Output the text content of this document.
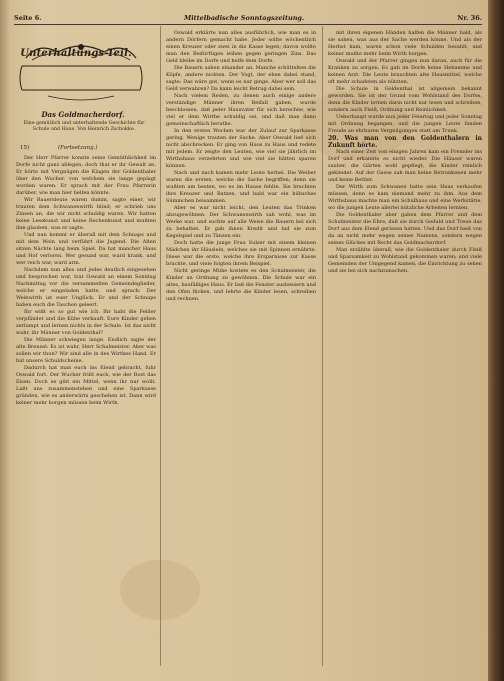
Seite 6.	Mittelbadische Sonntagszeitung.	Nr. 36.
Unterhaltungs-Teil.
Das Goldmacherdorf.
Eine gemütlich und unterhaltende Geschichte für Schule und Haus. Von Heinrich Zschokke.
15)	(Fortsetzung.)

Der Herr Pfarrer konnte seine Gemüthlichkeit im Dorfe nicht ganz ablegen; doch that er ihr Gewalt an. Er hörte mit Vergnügen die Klagen der Goldenthaler über den Wucher, von welchem sie lange geplagt worden waren. Er sprach mit der Frau Pfarrerin darüber, wie man hier helfen könnte.

Wir Bauersleute waren dumm, sagte einer, wir trauten dem Schwanenwirth blind; er schrieb uns Zinsen an, die wir nicht schuldig waren. Wir hatten keine Lesekunst und keine Rechenkunst und mußten ihm glauben, was er sagte.

Und nun kommt er überall mit dem Schnaps und mit dem Wein und verführt die Jugend. Die Alten sitzen Nächte lang beim Spiel. Da hat mancher Haus und Hof verloren. Wer gesund war, ward krank, und wer reich war, ward arm.

Nachdem nun alles und jedes deutlich eingesehen und besprochen war, trat Oswald an einem Sonntag Nachmittag vor die versammelten Gemeindeglieder, welche er eingeladen hatte, und sprach: Der Weinwirth ist euer Unglück. Er und der Schnaps haben euch die Taschen geleert.

Ihr wißt es so gut wie ich. Ihr habt die Felder verpfändet und die Kühe verkauft. Eure Kinder gehen zerlumpt und lernen nichts in der Schule. Ist das nicht wahr, ihr Männer von Goldenthal?

Die Männer schwiegen lange. Endlich sagte der alte Brenzel: Es ist wahr, Herr Schulmeister. Aber was sollen wir thun? Wir sind alle in des Wirthes Hand. Er hat unsere Schuldscheine.

Dadurch hat man euch ins Elend gebracht, fuhr Oswald fort. Der Wucher frißt euch, wie der Rost das Eisen. Doch es gibt ein Mittel, wenn ihr nur wollt. Laßt uns zusammenstehen und eine Sparkasse gründen, wie es anderwärts geschehen ist. Dann wird keiner mehr borgen müssen beim Wirth.

Oswald erklärte nun alles ausführlich, wie man es in andern Dörfern gemacht habe. Jeder sollte wöchentlich einen Kreuzer oder zwei in die Kasse legen; davon wollte man den Bedürftigen leihen gegen geringen Zins. Das Geld bleibe im Dorfe und helfe dem Dorfe.

Die Bauern sahen einander an. Manche schüttelten die Köpfe, andere nickten. Der Vogt, der eben dabei stand, sagte: Das wäre gut, wenn es nur ginge. Aber wer soll das Geld verwahren? Da kann leicht Betrug dabei sein.

Nach vielem Reden, zu denen auch einige andere verständige Männer ihren Beifall gaben, wurde beschlossen, daß jeder Hausvater für sich berechne, wie viel er dem Wirthe schuldig sei, und daß man dann gemeinschaftlich berathe.

In den ersten Wochen war der Zulauf zur Sparkasse gering. Wenige trauten der Sache. Aber Oswald ließ sich nicht abschrecken. Er ging von Haus zu Haus und redete mit jedem. Er zeigte den Leuten, wie viel sie jährlich im Wirthshaus verzehrten und wie viel sie hätten sparen können.

Nach und nach kamen mehr Leute herbei. Die Weiber waren die ersten, welche die Sache begriffen; denn sie wußten am besten, wo es im Hause fehlte. Sie brachten ihre Kreuzer und Batzen, und bald war ein hübsches Sümmchen beisammen.

Aber es war nicht leicht, den Leuten das Trinken abzugewöhnen. Der Schwanenwirth sah wohl, was im Werke war, und suchte auf alle Weise die Bauern bei sich zu behalten. Er gab ihnen Kredit und lud sie zum Kegelspiel und zu Tänzen ein.

Doch hatte die junge Frau Sulzer mit einem kleinen Mädchen ihr Häuslein, welches sie mit Spinnen ernährte. Diese war die erste, welche ihre Ersparnisse zur Kasse brachte, und viele folgten ihrem Beispiel.

Nicht geringe Mühe kostete es den Schulmeister, die Kinder an Ordnung zu gewöhnen. Die Schule war ein altes, baufälliges Haus. Er ließ die Fenster ausbessern und den Ofen flicken, und lehrte die Kinder lesen, schreiben und rechnen.

mit ihren eigenen Händen halfen die Männer bald, als sie sahen, was aus der Sache werden könne. Und als der Herbst kam, waren schon viele Schulden bezahlt, und keiner mußte mehr beim Wirth borgen.

Oswald und der Pfarrer gingen nun daran, auch für die Kranken zu sorgen. Es gab im Dorfe keine Hebamme und keinen Arzt. Die Leute brauchten alte Hausmittel, welche oft mehr schadeten als nützten.

Die Schule in Goldenthal ist allgemein bekannt geworden. Sie ist der Grund vom Wohlstand des Dorfes, denn die Kinder lernen darin nicht nur lesen und schreiben, sondern auch Fleiß, Ordnung und Reinlichkeit.

Ueberhaupt wurde nun jeder Feiertag und jeder Sonntag mit Ordnung begangen, und die jungen Leute fanden Freude an ehrbaren Vergnügungen statt am Trunk.

20. Was man von den Goldenthalern in Zukunft hörte.

Nach einer Zeit von einigen Jahren kam ein Fremder ins Dorf und erkannte es nicht wieder. Die Häuser waren sauber, die Gärten wohl gepflegt, die Kinder reinlich gekleidet. Auf der Gasse sah man keine Betrunkenen mehr und keine Bettler.

Der Wirth zum Schwanen hatte sein Haus verkaufen müssen, denn es kam niemand mehr zu ihm. Aus dem Wirthshaus machte man ein Schulhaus und eine Werkstätte, wo die jungen Leute allerlei nützliche Arbeiten lernten.

Die Goldenthaler aber gaben dem Pfarrer und dem Schulmeister die Ehre, daß sie durch Geduld und Treue das Dorf aus dem Elend gerissen hatten. Und das Dorf hieß von da an nicht mehr wegen seines Namens, sondern wegen seines Glückes mit Recht das Goldmacherdorf.

Man erzählte überall, wie die Goldenthaler durch Fleiß und Sparsamkeit zu Wohlstand gekommen waren; und viele Gemeinden der Umgegend kamen, die Einrichtung zu sehen und sie bei sich nachzumachen.
